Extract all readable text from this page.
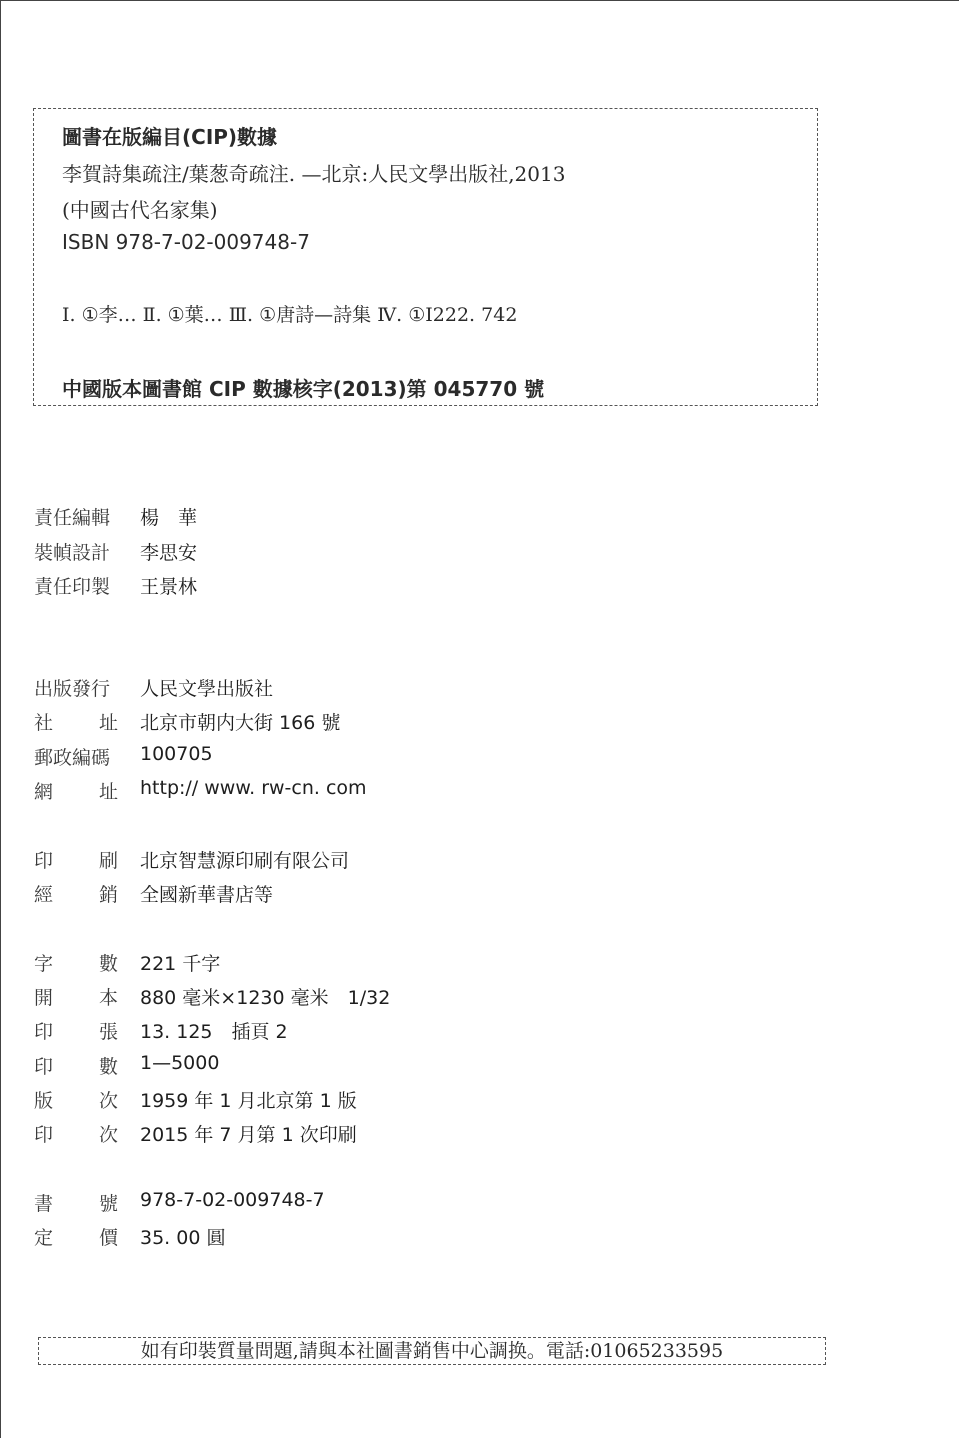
圖書在版編目(CIP)數據
李賀詩集疏注/葉葱奇疏注. —北京:人民文學出版社,2013
(中國古代名家集)
ISBN 978-7-02-009748-7
Ⅰ. ①李… Ⅱ. ①葉… Ⅲ. ①唐詩—詩集 Ⅳ. ①I222. 742
中國版本圖書館 CIP 數據核字(2013)第 045770 號
責任編輯	楊　華
裝幀設計	李思安
責任印製	王景林
出版發行	人民文學出版社
社 址 北京市朝内大街 166 號
郵政編碼	100705
網 址 http:// www. rw-cn. com
印 刷 北京智慧源印刷有限公司
經 銷 全國新華書店等
字 數 221 千字
開 本 880 毫米×1230 毫米　1/32
印 張 13. 125　插頁 2
印 數 1—5000
版 次 1959 年 1 月北京第 1 版
印 次 2015 年 7 月第 1 次印刷
書 號 978-7-02-009748-7
定 價 35. 00 圓
如有印裝質量問題,請與本社圖書銷售中心調换。電話:01065233595
